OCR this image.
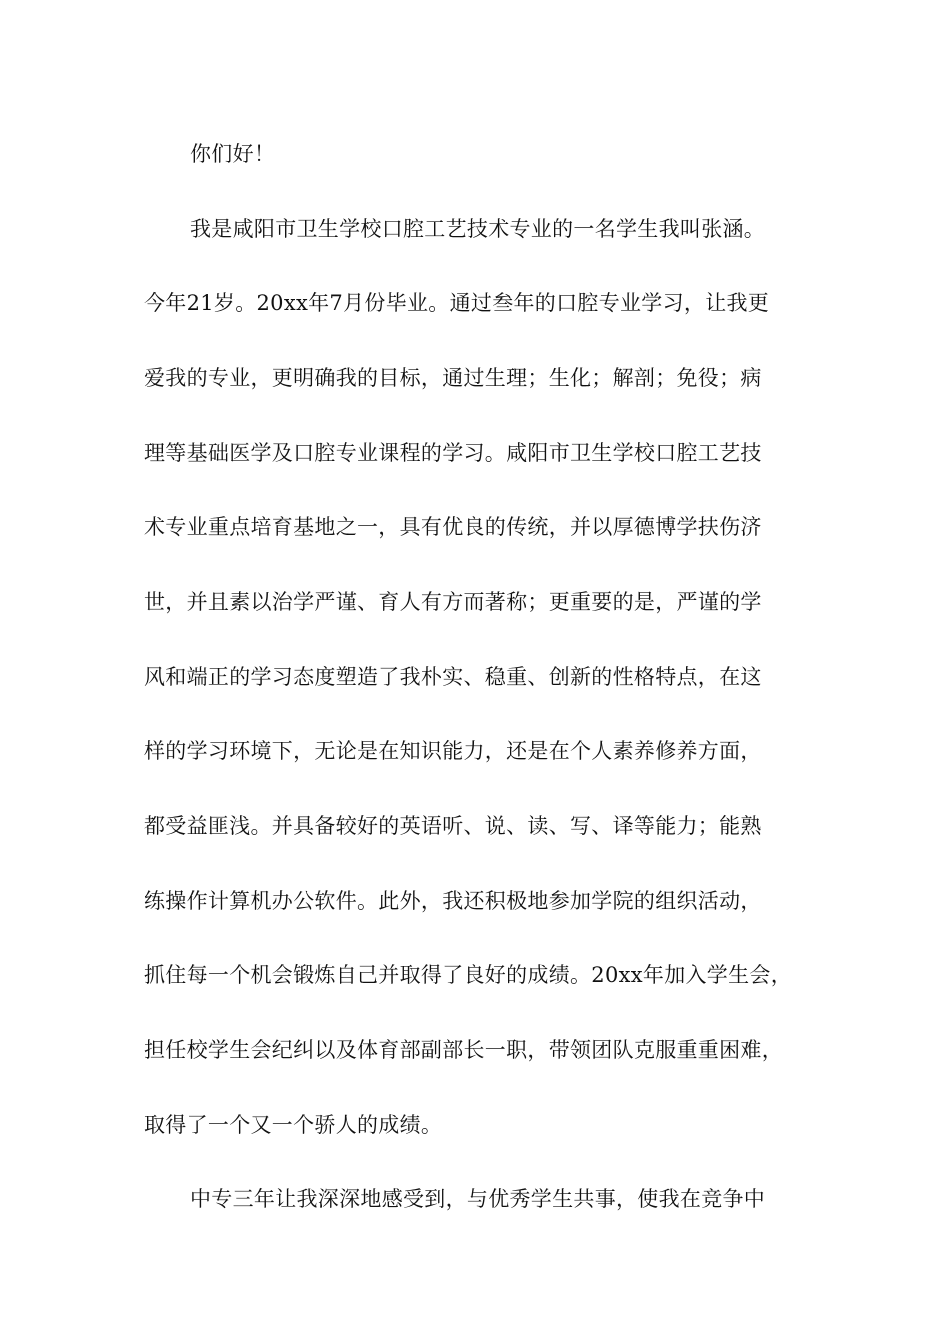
你们好！
我是咸阳市卫生学校口腔工艺技术专业的一名学生我叫张涵。
今年21岁。20xx年7月份毕业。通过叁年的口腔专业学习，让我更
爱我的专业，更明确我的目标，通过生理；生化；解剖；免役；病
理等基础医学及口腔专业课程的学习。咸阳市卫生学校口腔工艺技
术专业重点培育基地之一，具有优良的传统，并以厚德博学扶伤济
世，并且素以治学严谨、育人有方而著称；更重要的是，严谨的学
风和端正的学习态度塑造了我朴实、稳重、创新的性格特点，在这
样的学习环境下，无论是在知识能力，还是在个人素养修养方面，
都受益匪浅。并具备较好的英语听、说、读、写、译等能力；能熟
练操作计算机办公软件。此外，我还积极地参加学院的组织活动，
抓住每一个机会锻炼自己并取得了良好的成绩。20xx年加入学生会，
担任校学生会纪纠以及体育部副部长一职，带领团队克服重重困难，
取得了一个又一个骄人的成绩。
中专三年让我深深地感受到，与优秀学生共事，使我在竞争中
